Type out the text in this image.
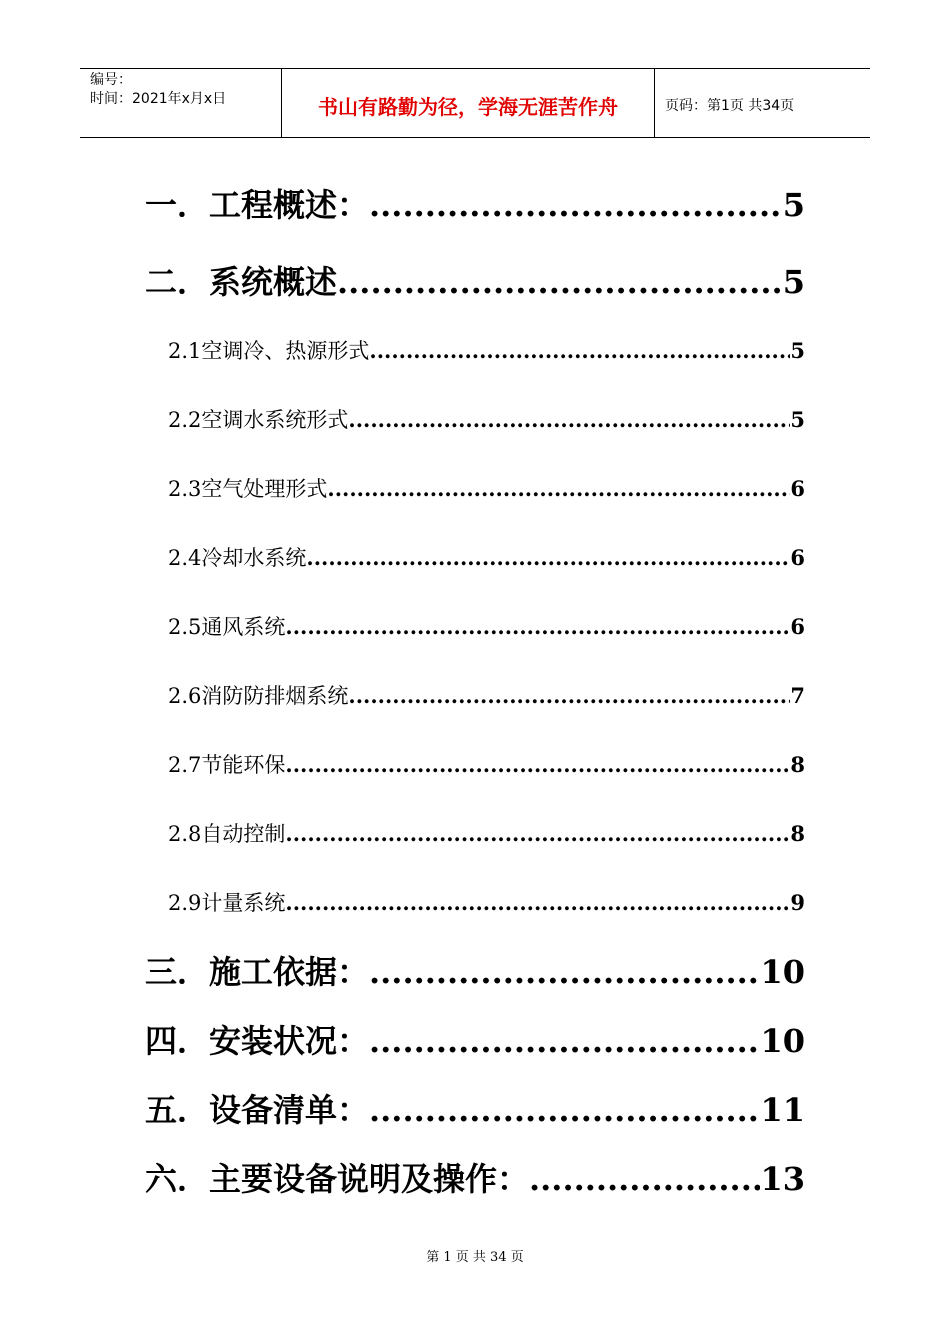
编号：
时间：2021年x月x日	书山有路勤为径，学海无涯苦作舟	页码：第1页 共34页
一．工程概述： .....	5
二．系统概述 .....	5
2.1空调冷、热源形式 .....	5
2.2空调水系统形式 .....	5
2.3空气处理形式 .....	6
2.4冷却水系统 .....	6
2.5通风系统 .....	6
2.6消防防排烟系统 .....	7
2.7节能环保 .....	8
2.8自动控制 .....	8
2.9计量系统 .....	9
三．施工依据： .....	10
四．安装状况： .....	10
五．设备清单： .....	11
六．主要设备说明及操作： .....	13
第 1 页 共 34 页
